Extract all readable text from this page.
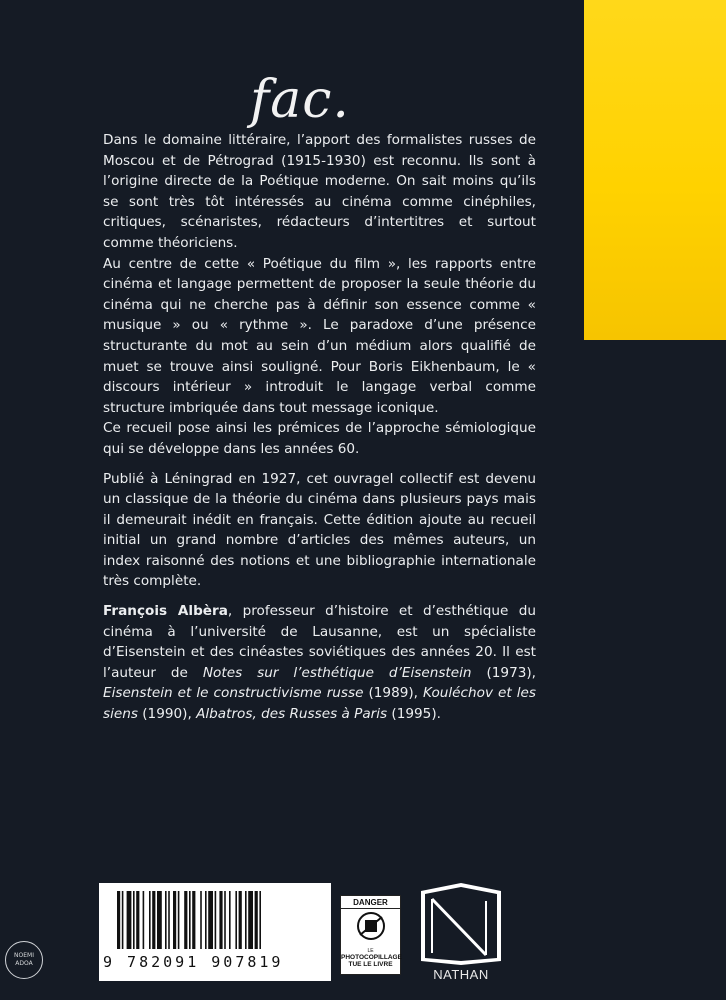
fac.

Dans le domaine littéraire, l’apport des formalistes russes de Moscou et de Pétrograd (1915-1930) est reconnu. Ils sont à l’origine directe de la Poétique moderne. On sait moins qu’ils se sont très tôt intéressés au cinéma comme cinéphiles, critiques, scénaristes, rédacteurs d’intertitres et surtout comme théoriciens.

Au centre de cette « Poétique du film », les rapports entre cinéma et langage permettent de proposer la seule théorie du cinéma qui ne cherche pas à définir son essence comme « musique » ou « rythme ». Le paradoxe d’une présence structurante du mot au sein d’un médium alors qualifié de muet se trouve ainsi souligné. Pour Boris Eikhenbaum, le « discours intérieur » introduit le langage verbal comme structure imbriquée dans tout message iconique.

Ce recueil pose ainsi les prémices de l’approche sémiologique qui se développe dans les années 60.

Publié à Léningrad en 1927, cet ouvragel collectif est devenu un classique de la théorie du cinéma dans plusieurs pays mais il demeurait inédit en français. Cette édition ajoute au recueil initial un grand nombre d’articles des mêmes auteurs, un index raisonné des notions et une bibliographie internationale très complète.

François Albèra, professeur d’histoire et d’esthétique du cinéma à l’université de Lausanne, est un spécialiste d’Eisenstein et des cinéastes soviétiques des années 20. Il est l’auteur de Notes sur l’esthétique d’Eisenstein (1973), Eisenstein et le constructivisme russe (1989), Kouléchov et les siens (1990), Albatros, des Russes à Paris (1995).

9 782091 907819
DANGER
LE
PHOTOCOPILLAGE
TUE LE LIVRE
NATHAN
NOEMI
ADOA
